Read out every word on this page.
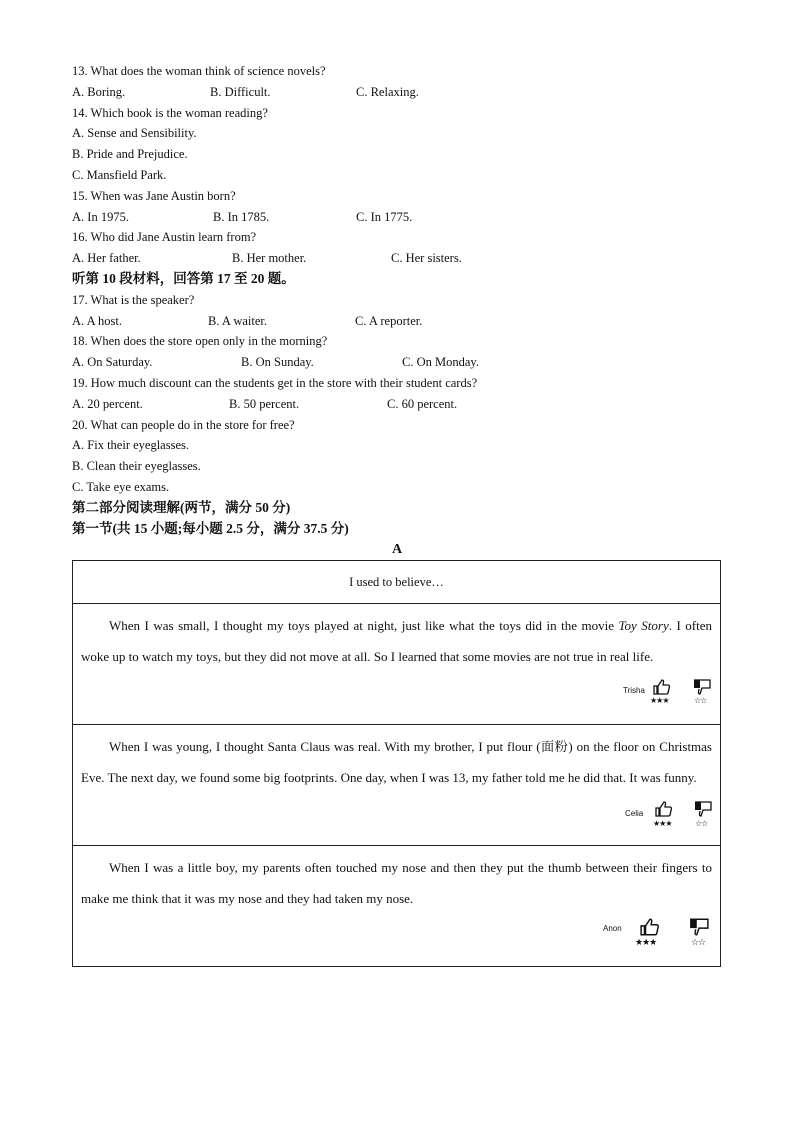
13. What does the woman think of science novels?
A. Boring.	B. Difficult.	C. Relaxing.
14. Which book is the woman reading?
A. Sense and Sensibility.
B. Pride and Prejudice.
C. Mansfield Park.
15. When was Jane Austin born?
A. In 1975.	B. In 1785.	C. In 1775.
16. Who did Jane Austin learn from?
A. Her father.	B. Her mother.	C. Her sisters.
听第 10 段材料，回答第 17 至 20 题。
17. What is the speaker?
A. A host.	B. A waiter.	C. A reporter.
18. When does the store open only in the morning?
A. On Saturday.	B. On Sunday.	C. On Monday.
19. How much discount can the students get in the store with their student cards?
A. 20 percent.	B. 50 percent.	C. 60 percent.
20. What can people do in the store for free?
A. Fix their eyeglasses.
B. Clean their eyeglasses.
C. Take eye exams.
第二部分阅读理解(两节，满分 50 分)
第一节(共 15 小题;每小题 2.5 分，满分 37.5 分)
A
I used to believe…

When I was small, I thought my toys played at night, just like what the toys did in the movie Toy Story. I often woke up to watch my toys, but they did not move at all. So I learned that some movies are not true in real life.
Trisha
★★★	☆☆

When I was young, I thought Santa Claus was real. With my brother, I put flour (面粉) on the floor on Christmas Eve. The next day, we found some big footprints. One day, when I was 13, my father told me he did that. It was funny.
Celia
★★★	☆☆

When I was a little boy, my parents often touched my nose and then they put the thumb between their fingers to make me think that it was my nose and they had taken my nose.
Anon
★★★	☆☆
